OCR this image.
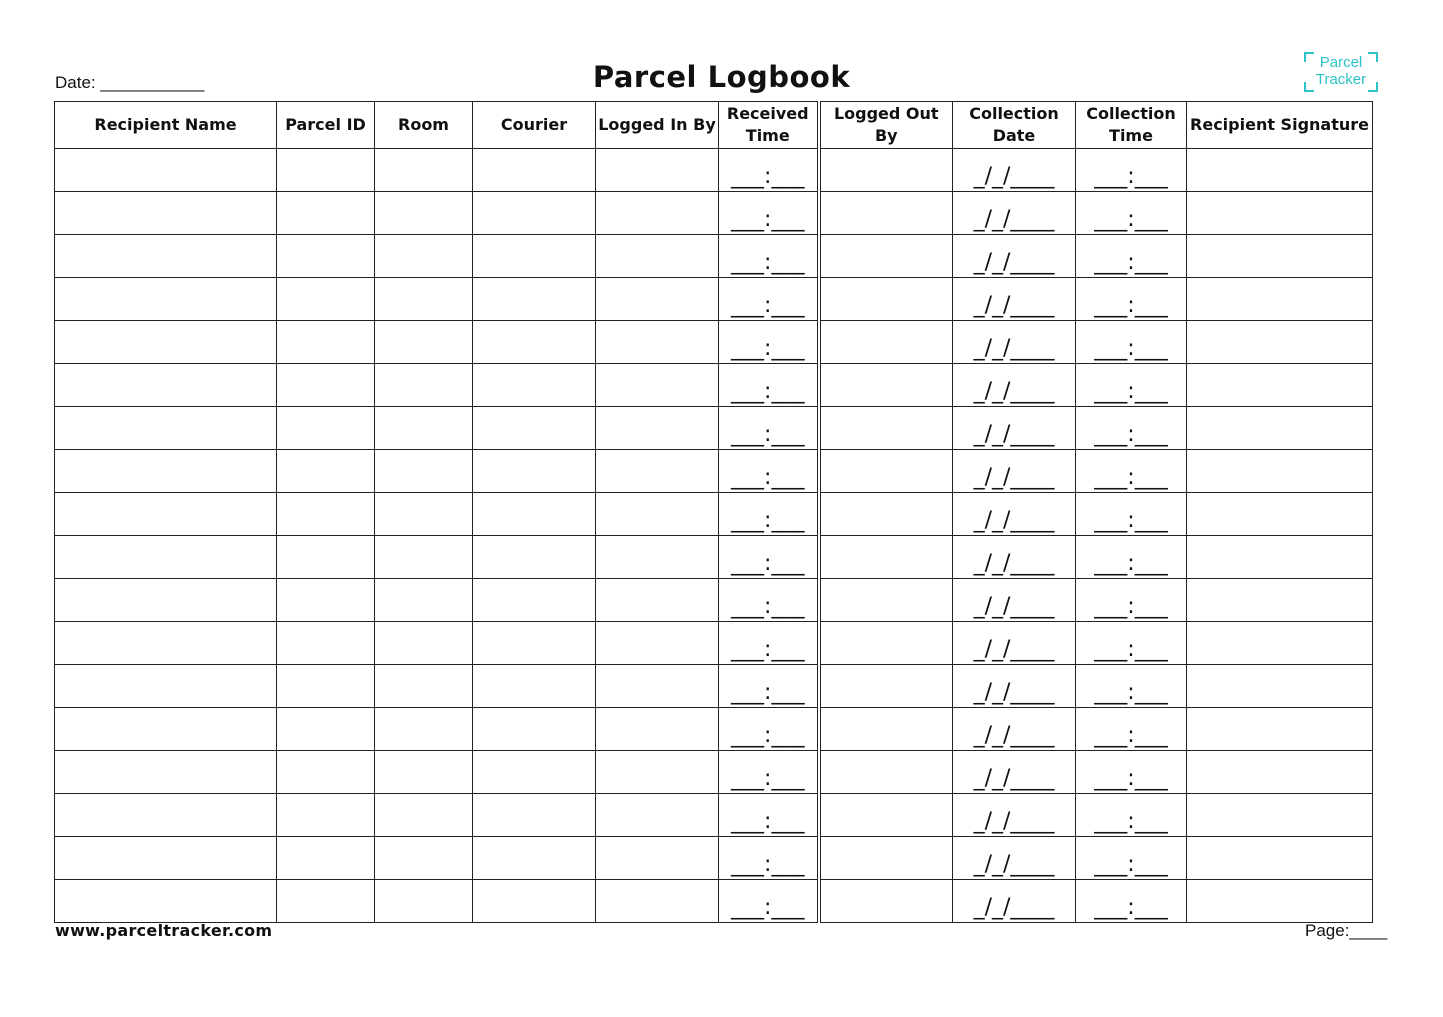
Date: ___________	Parcel Logbook	Parcel
Tracker
Recipient Name	Parcel ID	Room	Courier	Logged In By	Received Time	Logged Out By	Collection Date	Collection Time	Recipient Signature
					___:___		_/_/____	___:___	
					___:___		_/_/____	___:___	
					___:___		_/_/____	___:___	
					___:___		_/_/____	___:___	
					___:___		_/_/____	___:___	
					___:___		_/_/____	___:___	
					___:___		_/_/____	___:___	
					___:___		_/_/____	___:___	
					___:___		_/_/____	___:___	
					___:___		_/_/____	___:___	
					___:___		_/_/____	___:___	
					___:___		_/_/____	___:___	
					___:___		_/_/____	___:___	
					___:___		_/_/____	___:___	
					___:___		_/_/____	___:___	
					___:___		_/_/____	___:___	
					___:___		_/_/____	___:___	
					___:___		_/_/____	___:___	
www.parceltracker.com	Page:____
